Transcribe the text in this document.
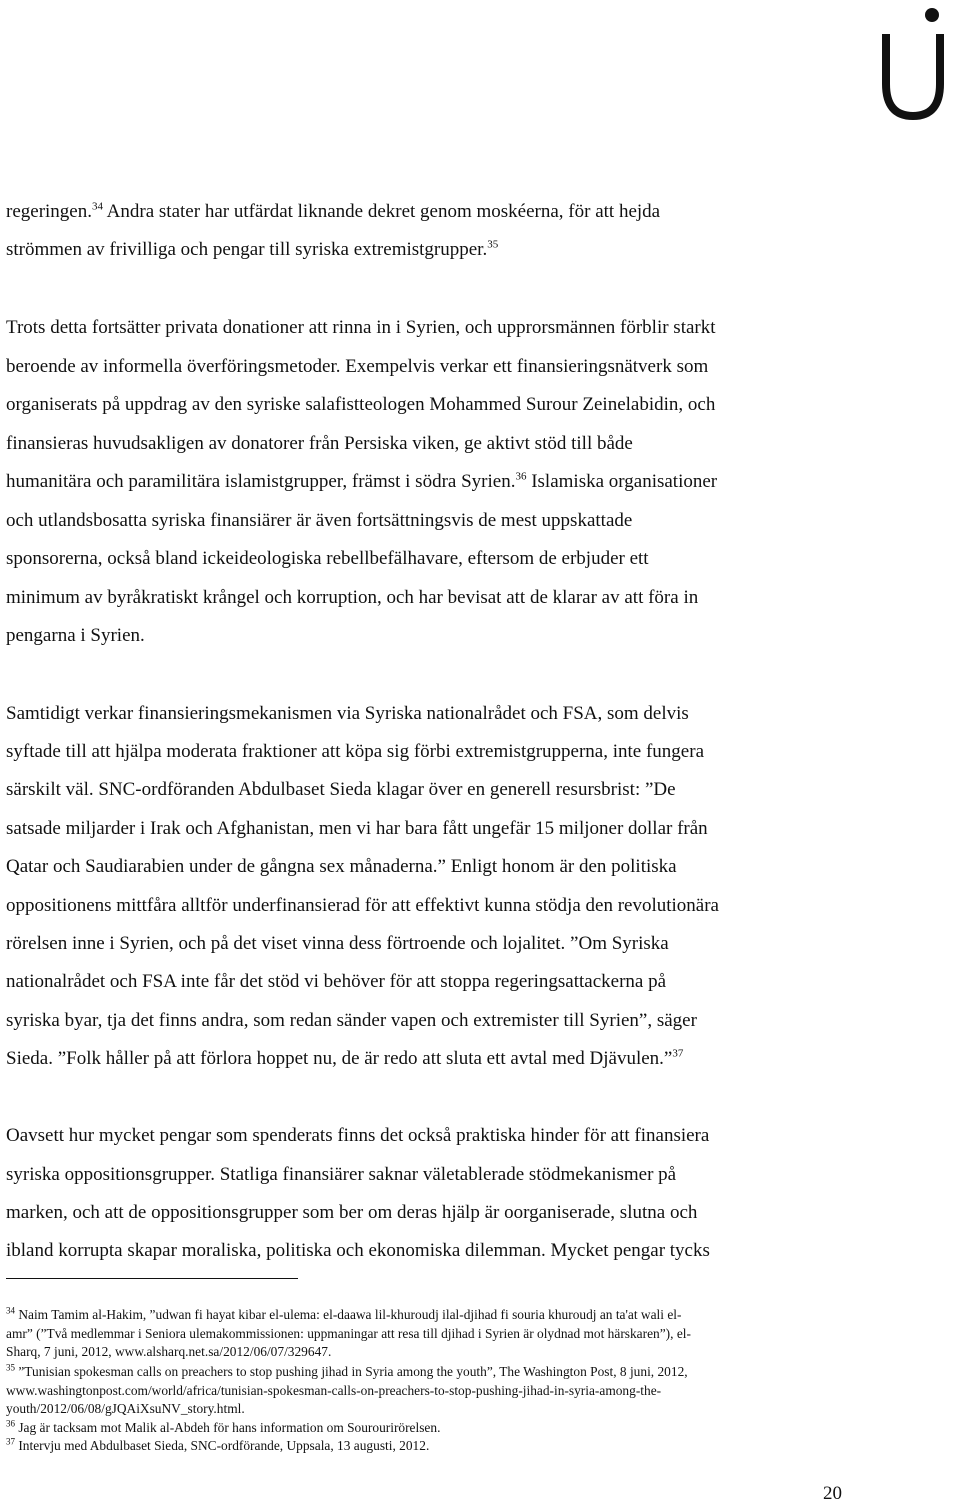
regeringen.$^{34}$ Andra stater har utfärdat liknande dekret genom moskéerna, för att hejda
strömmen av frivilliga och pengar till syriska extremistgrupper.$^{35}$
Trots detta fortsätter privata donationer att rinna in i Syrien, och upprorsmännen förblir starkt
beroende av informella överföringsmetoder. Exempelvis verkar ett finansieringsnätverk som
organiserats på uppdrag av den syriske salafistteologen Mohammed Surour Zeinelabidin, och
finansieras huvudsakligen av donatorer från Persiska viken, ge aktivt stöd till både
humanitära och paramilitära islamistgrupper, främst i södra Syrien.$^{36}$ Islamiska organisationer
och utlandsbosatta syriska finansiärer är även fortsättningsvis de mest uppskattade
sponsorerna, också bland ickeideologiska rebellbefälhavare, eftersom de erbjuder ett
minimum av byråkratiskt krångel och korruption, och har bevisat att de klarar av att föra in
pengarna i Syrien.
Samtidigt verkar finansieringsmekanismen via Syriska nationalrådet och FSA, som delvis
syftade till att hjälpa moderata fraktioner att köpa sig förbi extremistgrupperna, inte fungera
särskilt väl. SNC-ordföranden Abdulbaset Sieda klagar över en generell resursbrist: ”De
satsade miljarder i Irak och Afghanistan, men vi har bara fått ungefär 15 miljoner dollar från
Qatar och Saudiarabien under de gångna sex månaderna.” Enligt honom är den politiska
oppositionens mittfåra alltför underfinansierad för att effektivt kunna stödja den revolutionära
rörelsen inne i Syrien, och på det viset vinna dess förtroende och lojalitet. ”Om Syriska
nationalrådet och FSA inte får det stöd vi behöver för att stoppa regeringsattackerna på
syriska byar, tja det finns andra, som redan sänder vapen och extremister till Syrien”, säger
Sieda. ”Folk håller på att förlora hoppet nu, de är redo att sluta ett avtal med Djävulen.”$^{37}$
Oavsett hur mycket pengar som spenderats finns det också praktiska hinder för att finansiera
syriska oppositionsgrupper. Statliga finansiärer saknar väletablerade stödmekanismer på
marken, och att de oppositionsgrupper som ber om deras hjälp är oorganiserade, slutna och
ibland korrupta skapar moraliska, politiska och ekonomiska dilemman. Mycket pengar tycks
$^{34}$ Naim Tamim al-Hakim, ”udwan fi hayat kibar el-ulema: el-daawa lil-khuroudj ilal-djihad fi souria khuroudj an ta'at wali el-
amr” (”Två medlemmar i Seniora ulemakommissionen: uppmaningar att resa till djihad i Syrien är olydnad mot härskaren”), el-
Sharq, 7 juni, 2012, www.alsharq.net.sa/2012/06/07/329647.
$^{35}$ ”Tunisian spokesman calls on preachers to stop pushing jihad in Syria among the youth”, The Washington Post, 8 juni, 2012,
www.washingtonpost.com/world/africa/tunisian-spokesman-calls-on-preachers-to-stop-pushing-jihad-in-syria-among-the-
youth/2012/06/08/gJQAiXsuNV_story.html.
$^{36}$ Jag är tacksam mot Malik al-Abdeh för hans information om Sourourirörelsen.
$^{37}$ Intervju med Abdulbaset Sieda, SNC-ordförande, Uppsala, 13 augusti, 2012.
20
